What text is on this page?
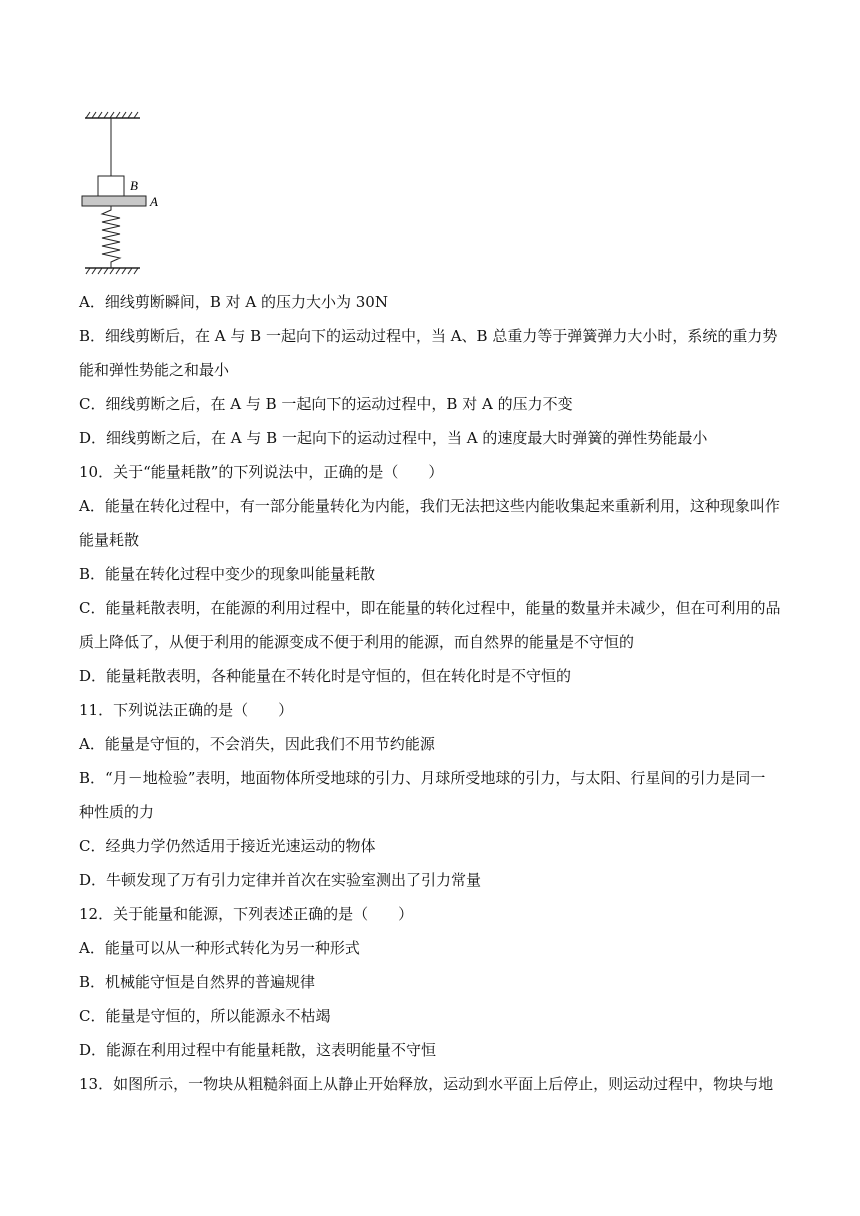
B
A
A．细线剪断瞬间，B 对 A 的压力大小为 30N
B．细线剪断后，在 A 与 B 一起向下的运动过程中，当 A、B 总重力等于弹簧弹力大小时，系统的重力势
能和弹性势能之和最小
C．细线剪断之后，在 A 与 B 一起向下的运动过程中，B 对 A 的压力不变
D．细线剪断之后，在 A 与 B 一起向下的运动过程中，当 A 的速度最大时弹簧的弹性势能最小
10．关于“能量耗散”的下列说法中，正确的是（　　）
A．能量在转化过程中，有一部分能量转化为内能，我们无法把这些内能收集起来重新利用，这种现象叫作
能量耗散
B．能量在转化过程中变少的现象叫能量耗散
C．能量耗散表明，在能源的利用过程中，即在能量的转化过程中，能量的数量并未减少，但在可利用的品
质上降低了，从便于利用的能源变成不便于利用的能源，而自然界的能量是不守恒的
D．能量耗散表明，各种能量在不转化时是守恒的，但在转化时是不守恒的
11．下列说法正确的是（　　）
A．能量是守恒的，不会消失，因此我们不用节约能源
B．“月－地检验”表明，地面物体所受地球的引力、月球所受地球的引力，与太阳、行星间的引力是同一
种性质的力
C．经典力学仍然适用于接近光速运动的物体
D．牛顿发现了万有引力定律并首次在实验室测出了引力常量
12．关于能量和能源，下列表述正确的是（　　）
A．能量可以从一种形式转化为另一种形式
B．机械能守恒是自然界的普遍规律
C．能量是守恒的，所以能源永不枯竭
D．能源在利用过程中有能量耗散，这表明能量不守恒
13．如图所示，一物块从粗糙斜面上从静止开始释放，运动到水平面上后停止，则运动过程中，物块与地
